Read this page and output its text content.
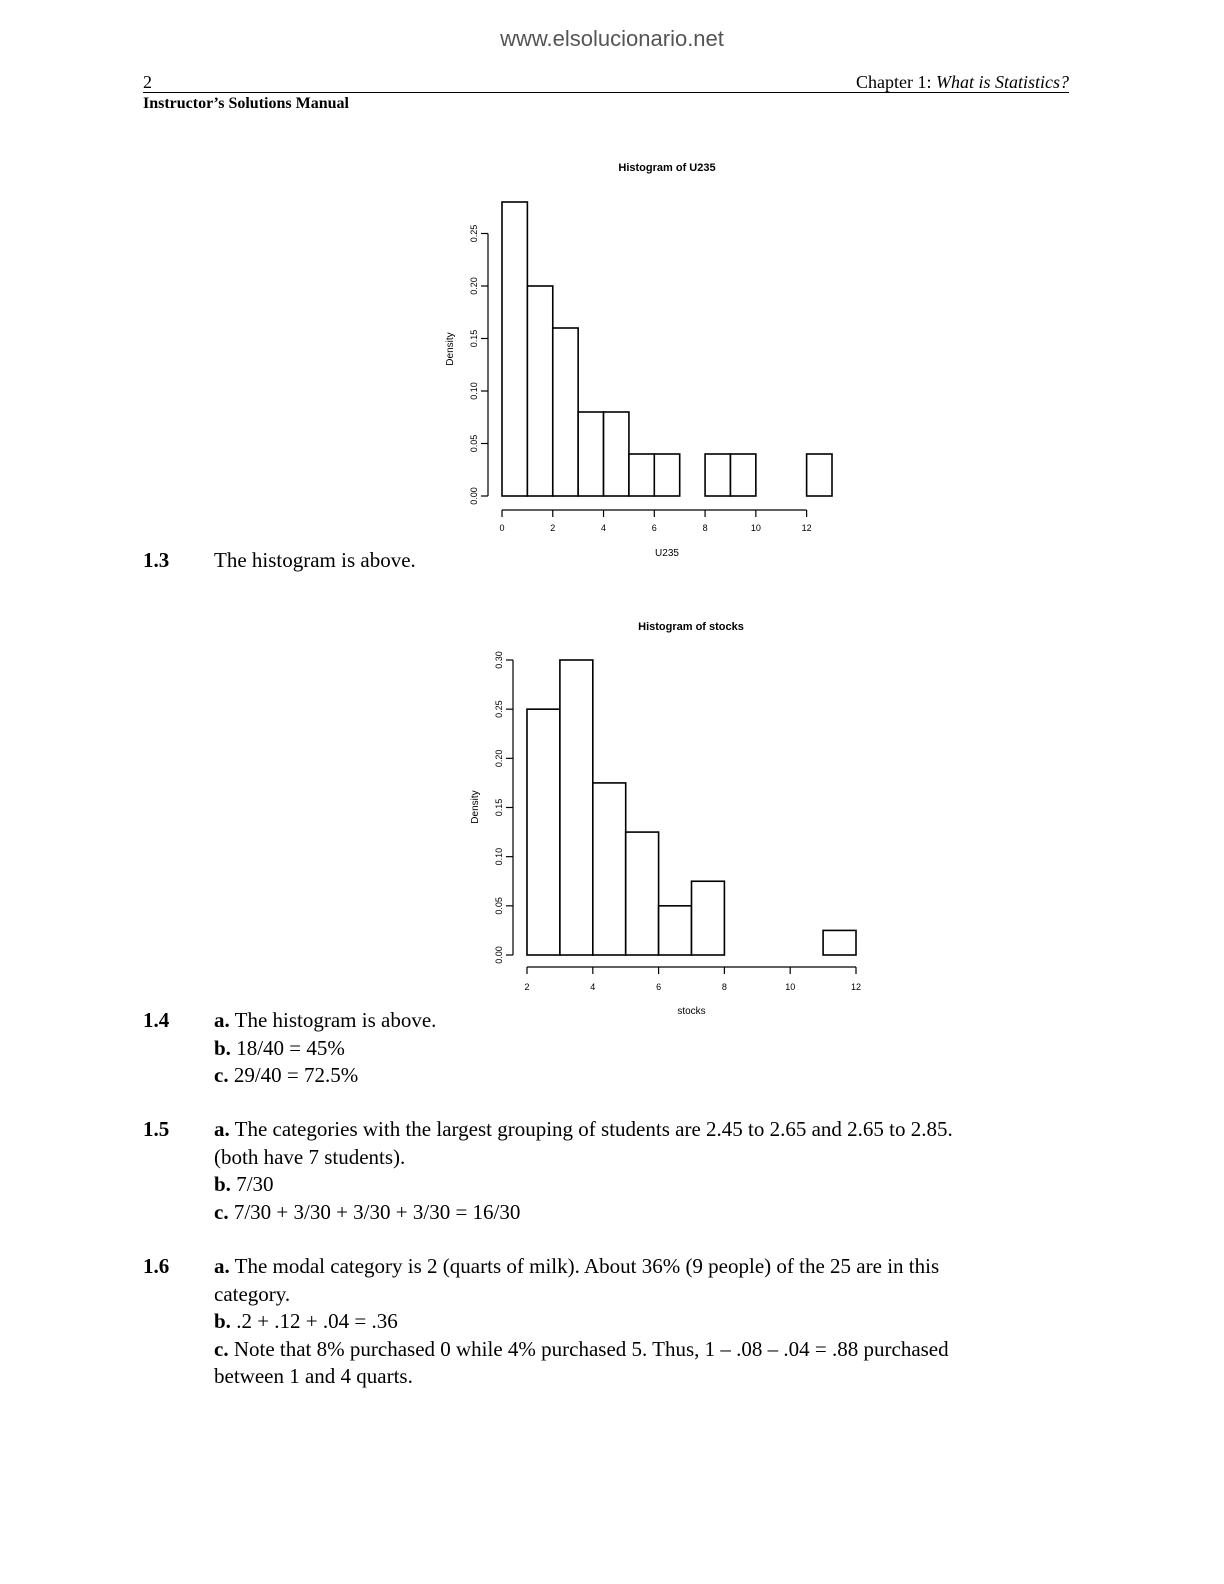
www.elsolucionario.net
2	Chapter 1: What is Statistics?
Instructor’s Solutions Manual
0.00
0.05
0.10
0.15
0.20
0.25
0	2	4	6	8	10	12
Histogram of U235
U235
Density
0.00
0.05
0.10
0.15
0.20
0.25
0.30
2	4	6	8	10	12
Histogram of stocks
stocks
Density
1.3 The histogram is above.
1.4 a. The histogram is above.
b. 18/40 = 45%
c. 29/40 = 72.5%
1.5 a. The categories with the largest grouping of students are 2.45 to 2.65 and 2.65 to 2.85.
(both have 7 students).
b. 7/30
c. 7/30 + 3/30 + 3/30 + 3/30 = 16/30
1.6 a. The modal category is 2 (quarts of milk). About 36% (9 people) of the 25 are in this
category.
b. .2 + .12 + .04 = .36
c. Note that 8% purchased 0 while 4% purchased 5. Thus, 1 – .08 – .04 = .88 purchased
between 1 and 4 quarts.
